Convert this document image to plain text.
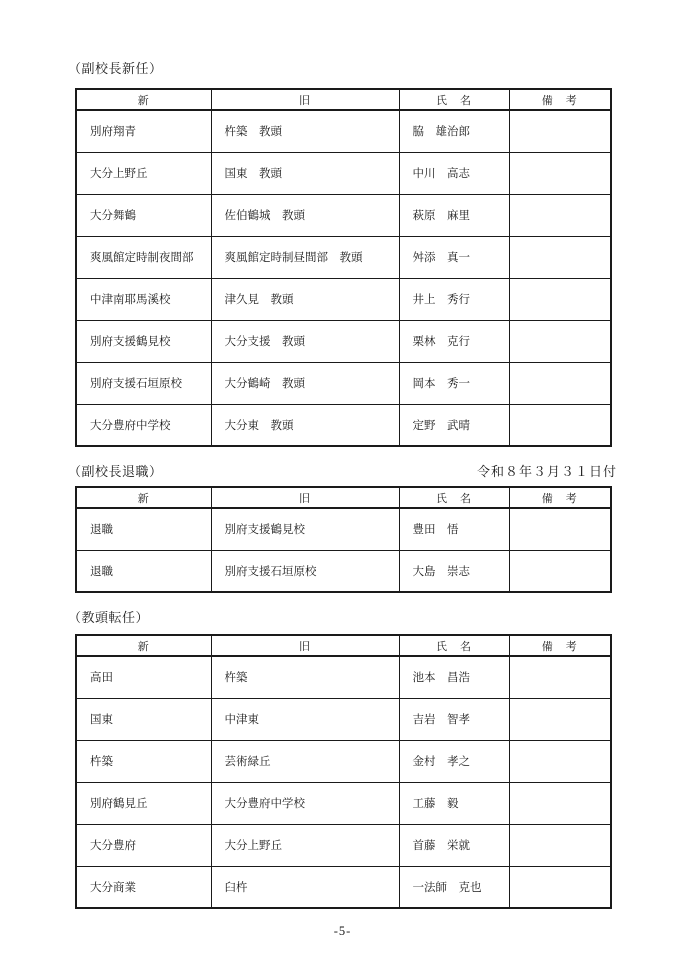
（副校長新任）
新	旧	氏　名	備　考
別府翔青	杵築　教頭	脇　雄治郎	
大分上野丘	国東　教頭	中川　高志	
大分舞鶴	佐伯鶴城　教頭	萩原　麻里	
爽風館定時制夜間部	爽風館定時制昼間部　教頭	舛添　真一	
中津南耶馬溪校	津久見　教頭	井上　秀行	
別府支援鶴見校	大分支援　教頭	栗林　克行	
別府支援石垣原校	大分鶴崎　教頭	岡本　秀一	
大分豊府中学校	大分東　教頭	定野　武晴	
（副校長退職）	令和８年３月３１日付
新	旧	氏　名	備　考
退職	別府支援鶴見校	豊田　悟	
退職	別府支援石垣原校	大島　崇志	
（教頭転任）
新	旧	氏　名	備　考
高田	杵築	池本　昌浩	
国東	中津東	吉岩　智孝	
杵築	芸術緑丘	金村　孝之	
別府鶴見丘	大分豊府中学校	工藤　毅	
大分豊府	大分上野丘	首藤　栄就	
大分商業	臼杵	一法師　克也	
-5-
